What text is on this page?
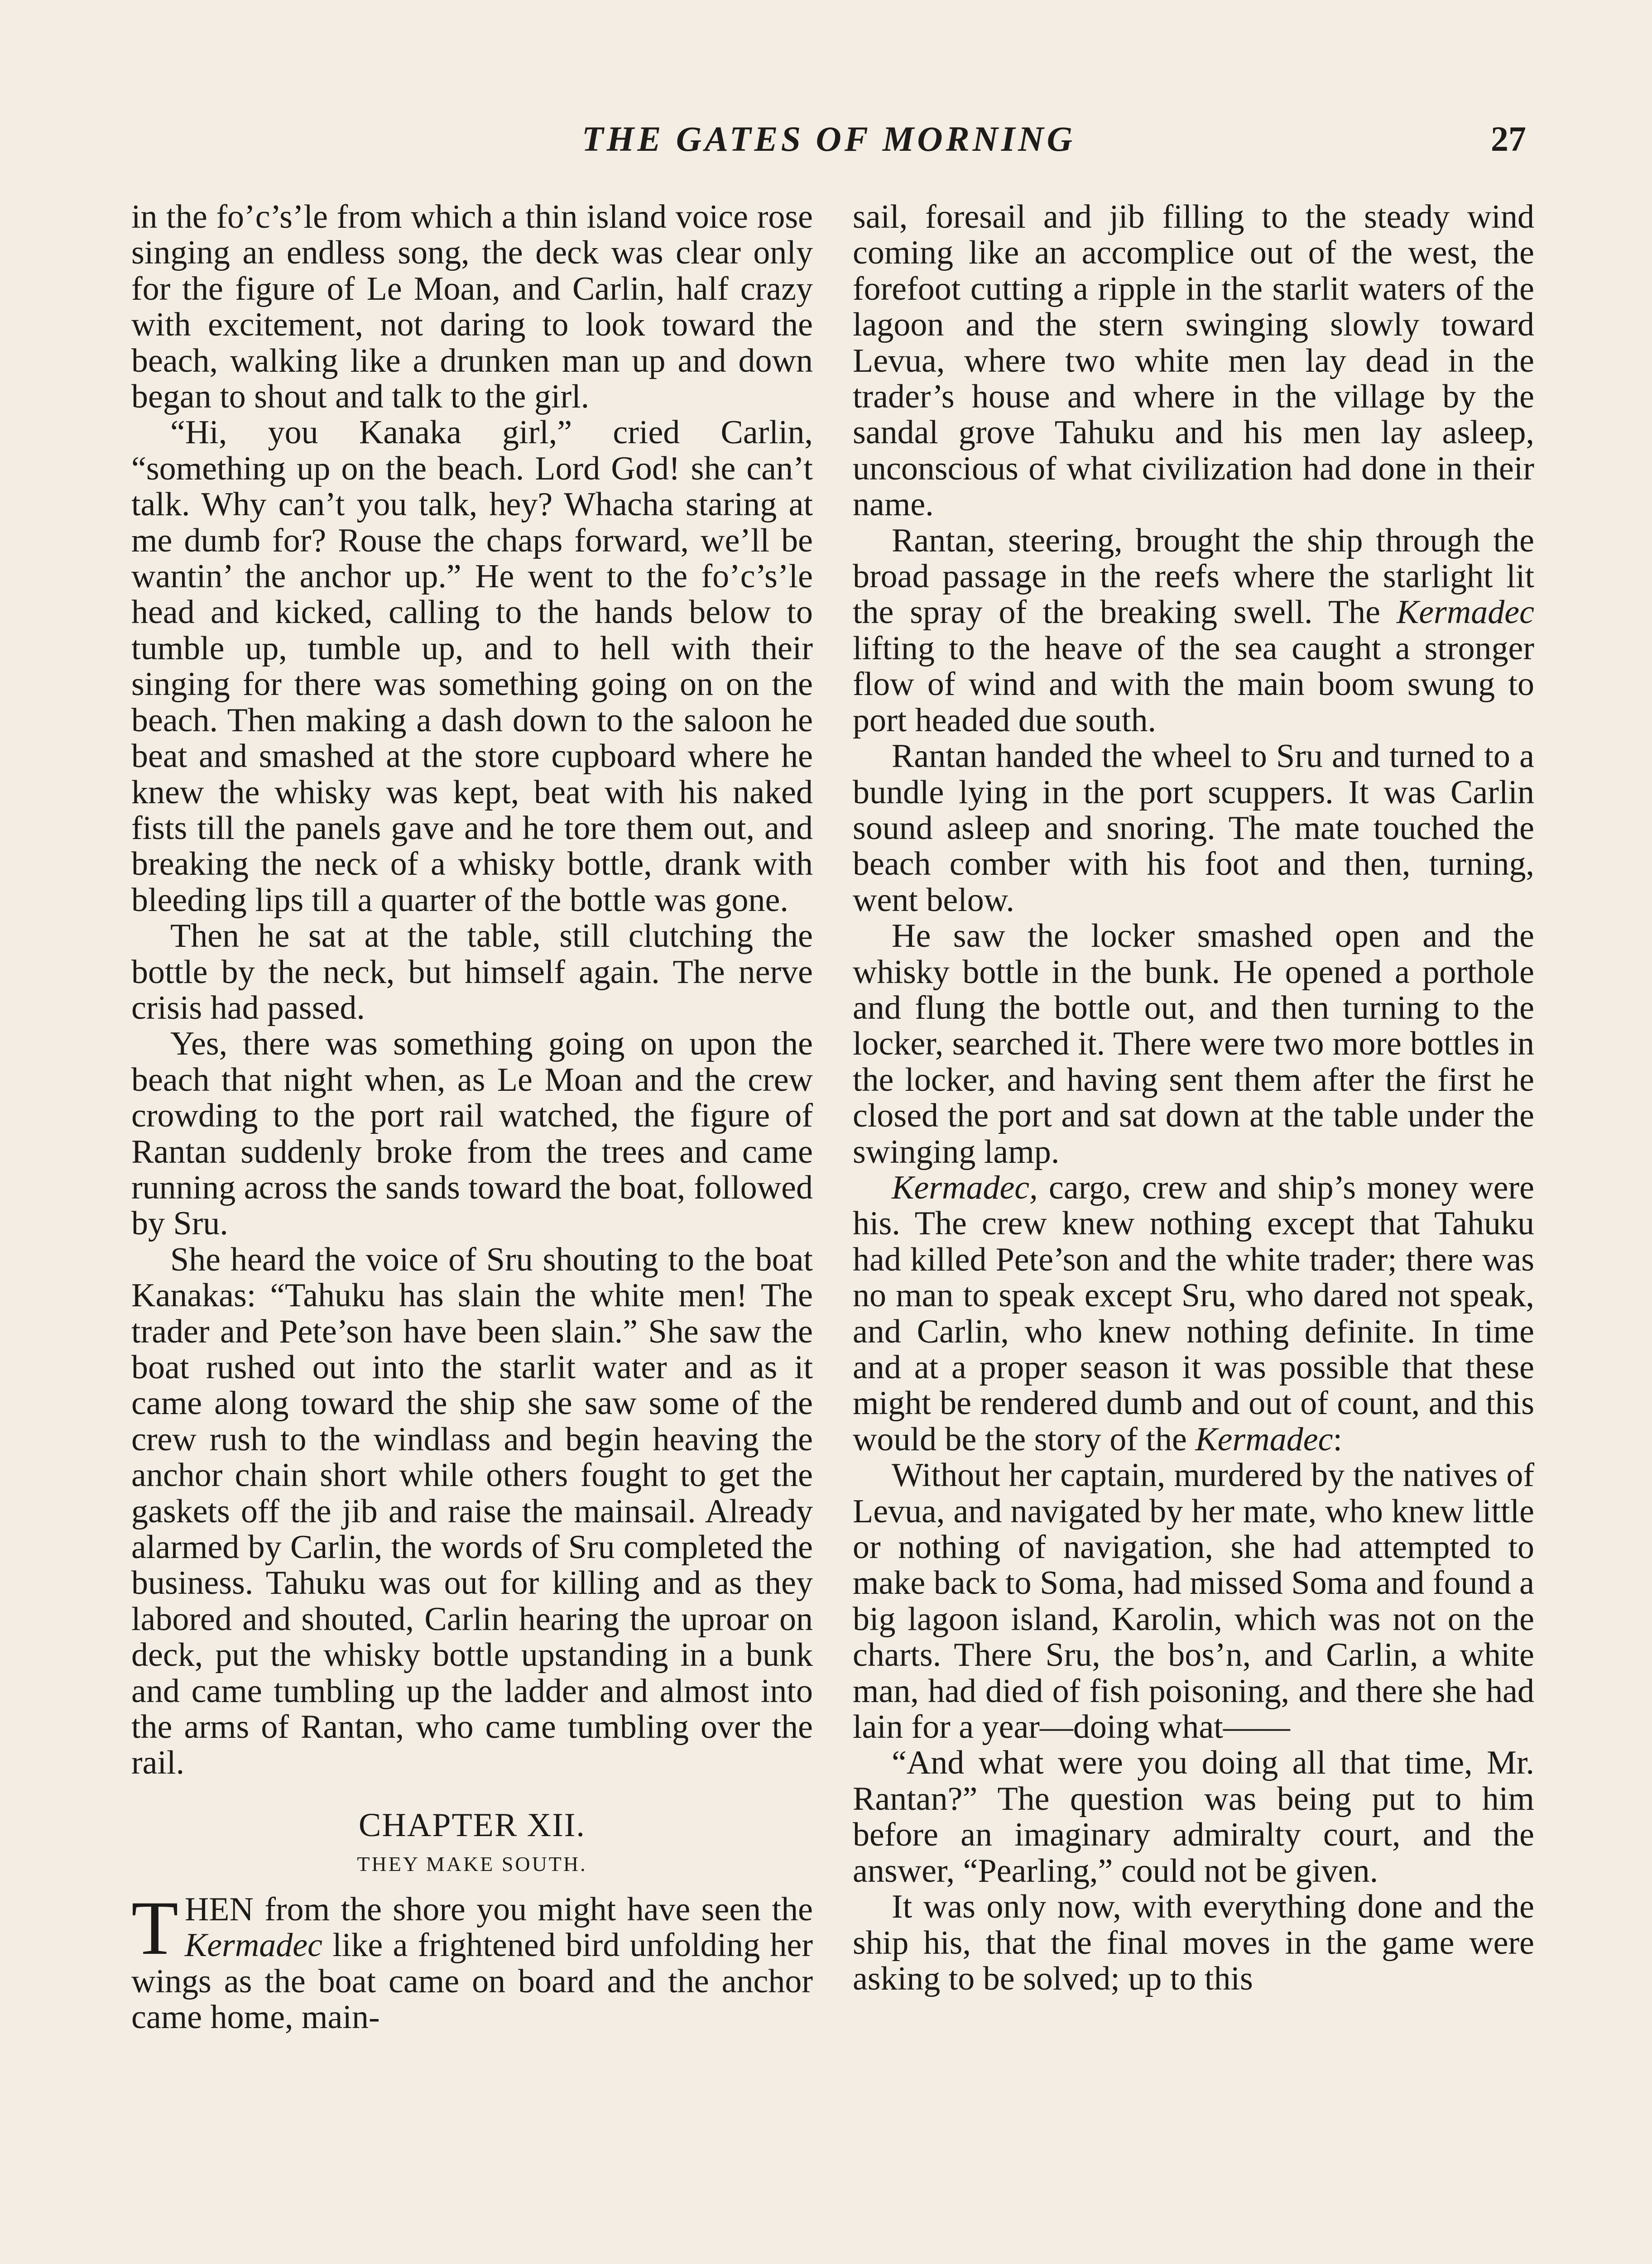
THE GATES OF MORNING	27

in the fo’c’s’le from which a thin island voice rose singing an endless song, the deck was clear only for the figure of Le Moan, and Carlin, half crazy with excitement, not daring to look toward the beach, walking like a drunken man up and down began to shout and talk to the girl.

“Hi, you Kanaka girl,” cried Carlin, “something up on the beach. Lord God! she can’t talk. Why can’t you talk, hey? Whacha staring at me dumb for? Rouse the chaps forward, we’ll be wantin’ the anchor up.” He went to the fo’c’s’le head and kicked, calling to the hands below to tumble up, tumble up, and to hell with their singing for there was something going on on the beach. Then making a dash down to the saloon he beat and smashed at the store cupboard where he knew the whisky was kept, beat with his naked fists till the panels gave and he tore them out, and breaking the neck of a whisky bottle, drank with bleeding lips till a quarter of the bottle was gone.

Then he sat at the table, still clutching the bottle by the neck, but himself again. The nerve crisis had passed.

Yes, there was something going on upon the beach that night when, as Le Moan and the crew crowding to the port rail watched, the figure of Rantan suddenly broke from the trees and came running across the sands toward the boat, followed by Sru.

She heard the voice of Sru shouting to the boat Kanakas: “Tahuku has slain the white men! The trader and Pete’son have been slain.” She saw the boat rushed out into the starlit water and as it came along toward the ship she saw some of the crew rush to the windlass and begin heaving the anchor chain short while others fought to get the gaskets off the jib and raise the mainsail. Already alarmed by Carlin, the words of Sru completed the business. Tahuku was out for killing and as they labored and shouted, Carlin hearing the uproar on deck, put the whisky bottle upstanding in a bunk and came tumbling up the ladder and almost into the arms of Rantan, who came tumbling over the rail.

CHAPTER XII.
THEY MAKE SOUTH.

THEN from the shore you might have seen the Kermadec like a frightened bird unfolding her wings as the boat came on board and the anchor came home, main-

sail, foresail and jib filling to the steady wind coming like an accomplice out of the west, the forefoot cutting a ripple in the starlit waters of the lagoon and the stern swinging slowly toward Levua, where two white men lay dead in the trader’s house and where in the village by the sandal grove Tahuku and his men lay asleep, unconscious of what civilization had done in their name.

Rantan, steering, brought the ship through the broad passage in the reefs where the starlight lit the spray of the breaking swell. The Kermadec lifting to the heave of the sea caught a stronger flow of wind and with the main boom swung to port headed due south.

Rantan handed the wheel to Sru and turned to a bundle lying in the port scuppers. It was Carlin sound asleep and snoring. The mate touched the beach comber with his foot and then, turning, went below.

He saw the locker smashed open and the whisky bottle in the bunk. He opened a porthole and flung the bottle out, and then turning to the locker, searched it. There were two more bottles in the locker, and having sent them after the first he closed the port and sat down at the table under the swinging lamp.

Kermadec, cargo, crew and ship’s money were his. The crew knew nothing except that Tahuku had killed Pete’son and the white trader; there was no man to speak except Sru, who dared not speak, and Carlin, who knew nothing definite. In time and at a proper season it was possible that these might be rendered dumb and out of count, and this would be the story of the Kermadec:

Without her captain, murdered by the natives of Levua, and navigated by her mate, who knew little or nothing of navigation, she had attempted to make back to Soma, had missed Soma and found a big lagoon island, Karolin, which was not on the charts. There Sru, the bos’n, and Carlin, a white man, had died of fish poisoning, and there she had lain for a year—doing what——

“And what were you doing all that time, Mr. Rantan?” The question was being put to him before an imaginary admiralty court, and the answer, “Pearling,” could not be given.

It was only now, with everything done and the ship his, that the final moves in the game were asking to be solved; up to this
